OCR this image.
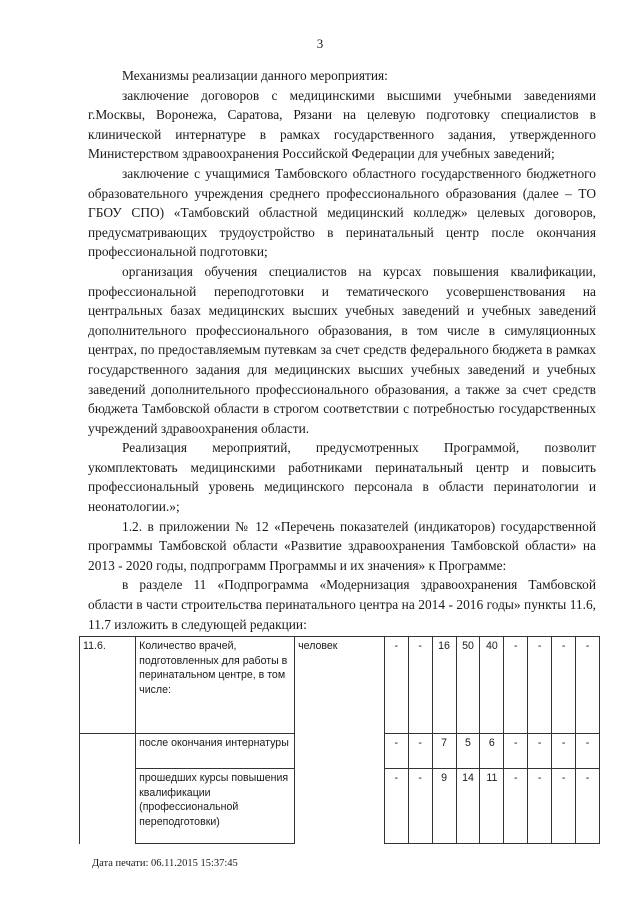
3

Механизмы реализации данного мероприятия:

заключение договоров с медицинскими высшими учебными заведениями г.Москвы, Воронежа, Саратова, Рязани на целевую подготовку специалистов в клинической интернатуре в рамках государственного задания, утвержденного Министерством здравоохранения Российской Федерации для учебных заведений;

заключение с учащимися Тамбовского областного государственного бюджетного образовательного учреждения среднего профессионального образования (далее – ТО ГБОУ СПО) «Тамбовский областной медицинский колледж» целевых договоров, предусматривающих трудоустройство в перинатальный центр после окончания профессиональной подготовки;

организация обучения специалистов на курсах повышения квалификации, профессиональной переподготовки и тематического усовершенствования на центральных базах медицинских высших учебных заведений и учебных заведений дополнительного профессионального образования, в том числе в симуляционных центрах, по предоставляемым путевкам за счет средств федерального бюджета в рамках государственного задания для медицинских высших учебных заведений и учебных заведений дополнительного профессионального образования, а также за счет средств бюджета Тамбовской области в строгом соответствии с потребностью государственных учреждений здравоохранения области.

Реализация мероприятий, предусмотренных Программой, позволит укомплектовать медицинскими работниками перинатальный центр и повысить профессиональный уровень медицинского персонала в области перинатологии и неонатологии.»;

1.2. в приложении № 12 «Перечень показателей (индикаторов) государственной программы Тамбовской области «Развитие здравоохранения Тамбовской области» на 2013 - 2020 годы, подпрограмм Программы и их значения» к Программе:

в разделе 11 «Подпрограмма «Модернизация здравоохранения Тамбовской области в части строительства перинатального центра на 2014 - 2016 годы» пункты 11.6, 11.7 изложить в следующей редакции:

11.6.	Количество врачей, подготовленных для работы в перинатальном центре, в том числе:	человек	-	-	16	50	40	-	-	-	-
	после окончания интернатуры		-	-	7	5	6	-	-	-	-
	прошедших курсы повышения квалификации (профессиональной переподготовки)		-	-	9	14	11	-	-	-	-
Дата печати: 06.11.2015 15:37:45
